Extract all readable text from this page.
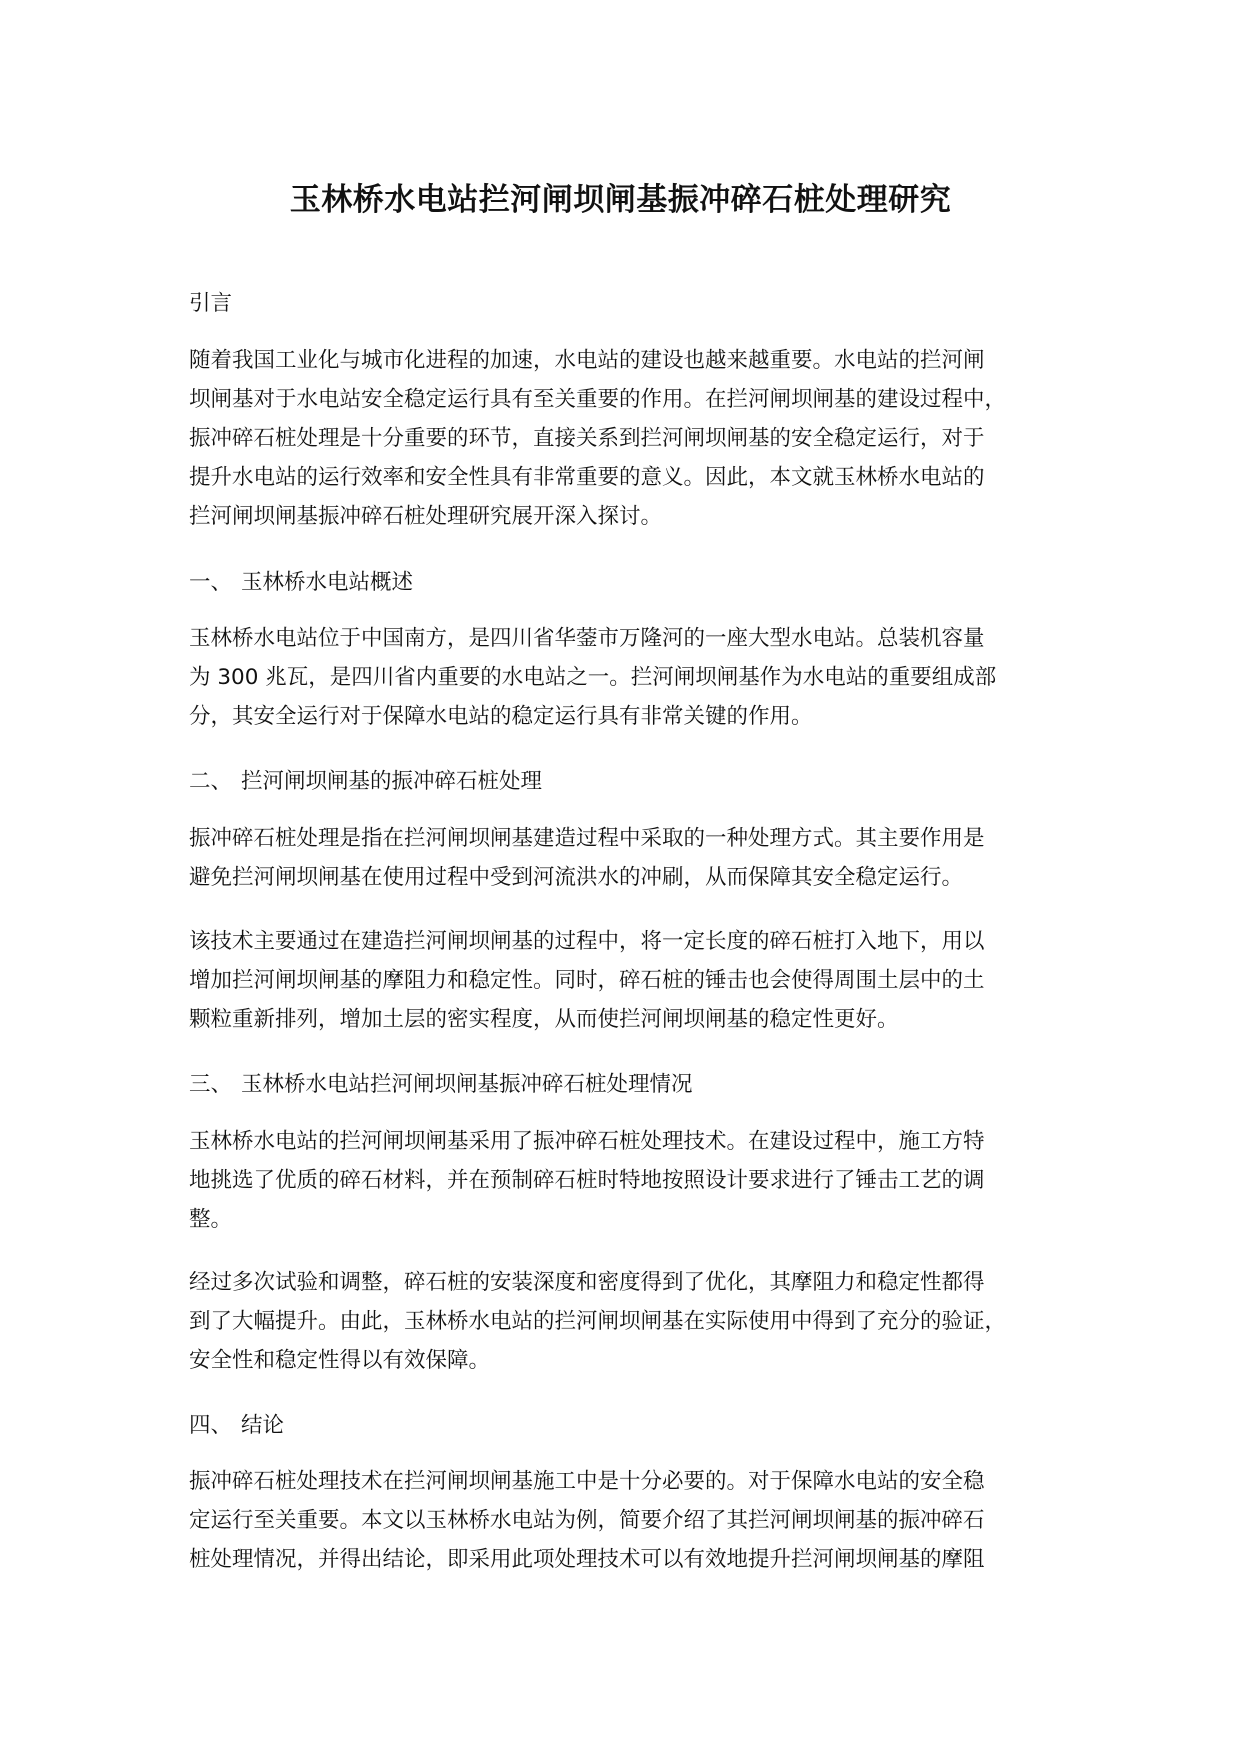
玉林桥水电站拦河闸坝闸基振冲碎石桩处理研究

引言

随着我国工业化与城市化进程的加速，水电站的建设也越来越重要。水电站的拦河闸

坝闸基对于水电站安全稳定运行具有至关重要的作用。在拦河闸坝闸基的建设过程中，

振冲碎石桩处理是十分重要的环节，直接关系到拦河闸坝闸基的安全稳定运行，对于

提升水电站的运行效率和安全性具有非常重要的意义。因此，本文就玉林桥水电站的

拦河闸坝闸基振冲碎石桩处理研究展开深入探讨。

一、 玉林桥水电站概述

玉林桥水电站位于中国南方，是四川省华蓥市万隆河的一座大型水电站。总装机容量

为 300 兆瓦，是四川省内重要的水电站之一。拦河闸坝闸基作为水电站的重要组成部

分，其安全运行对于保障水电站的稳定运行具有非常关键的作用。

二、 拦河闸坝闸基的振冲碎石桩处理

振冲碎石桩处理是指在拦河闸坝闸基建造过程中采取的一种处理方式。其主要作用是

避免拦河闸坝闸基在使用过程中受到河流洪水的冲刷，从而保障其安全稳定运行。

该技术主要通过在建造拦河闸坝闸基的过程中，将一定长度的碎石桩打入地下，用以

增加拦河闸坝闸基的摩阻力和稳定性。同时，碎石桩的锤击也会使得周围土层中的土

颗粒重新排列，增加土层的密实程度，从而使拦河闸坝闸基的稳定性更好。

三、 玉林桥水电站拦河闸坝闸基振冲碎石桩处理情况

玉林桥水电站的拦河闸坝闸基采用了振冲碎石桩处理技术。在建设过程中，施工方特

地挑选了优质的碎石材料，并在预制碎石桩时特地按照设计要求进行了锤击工艺的调

整。

经过多次试验和调整，碎石桩的安装深度和密度得到了优化，其摩阻力和稳定性都得

到了大幅提升。由此，玉林桥水电站的拦河闸坝闸基在实际使用中得到了充分的验证，

安全性和稳定性得以有效保障。

四、 结论

振冲碎石桩处理技术在拦河闸坝闸基施工中是十分必要的。对于保障水电站的安全稳

定运行至关重要。本文以玉林桥水电站为例，简要介绍了其拦河闸坝闸基的振冲碎石

桩处理情况，并得出结论，即采用此项处理技术可以有效地提升拦河闸坝闸基的摩阻
